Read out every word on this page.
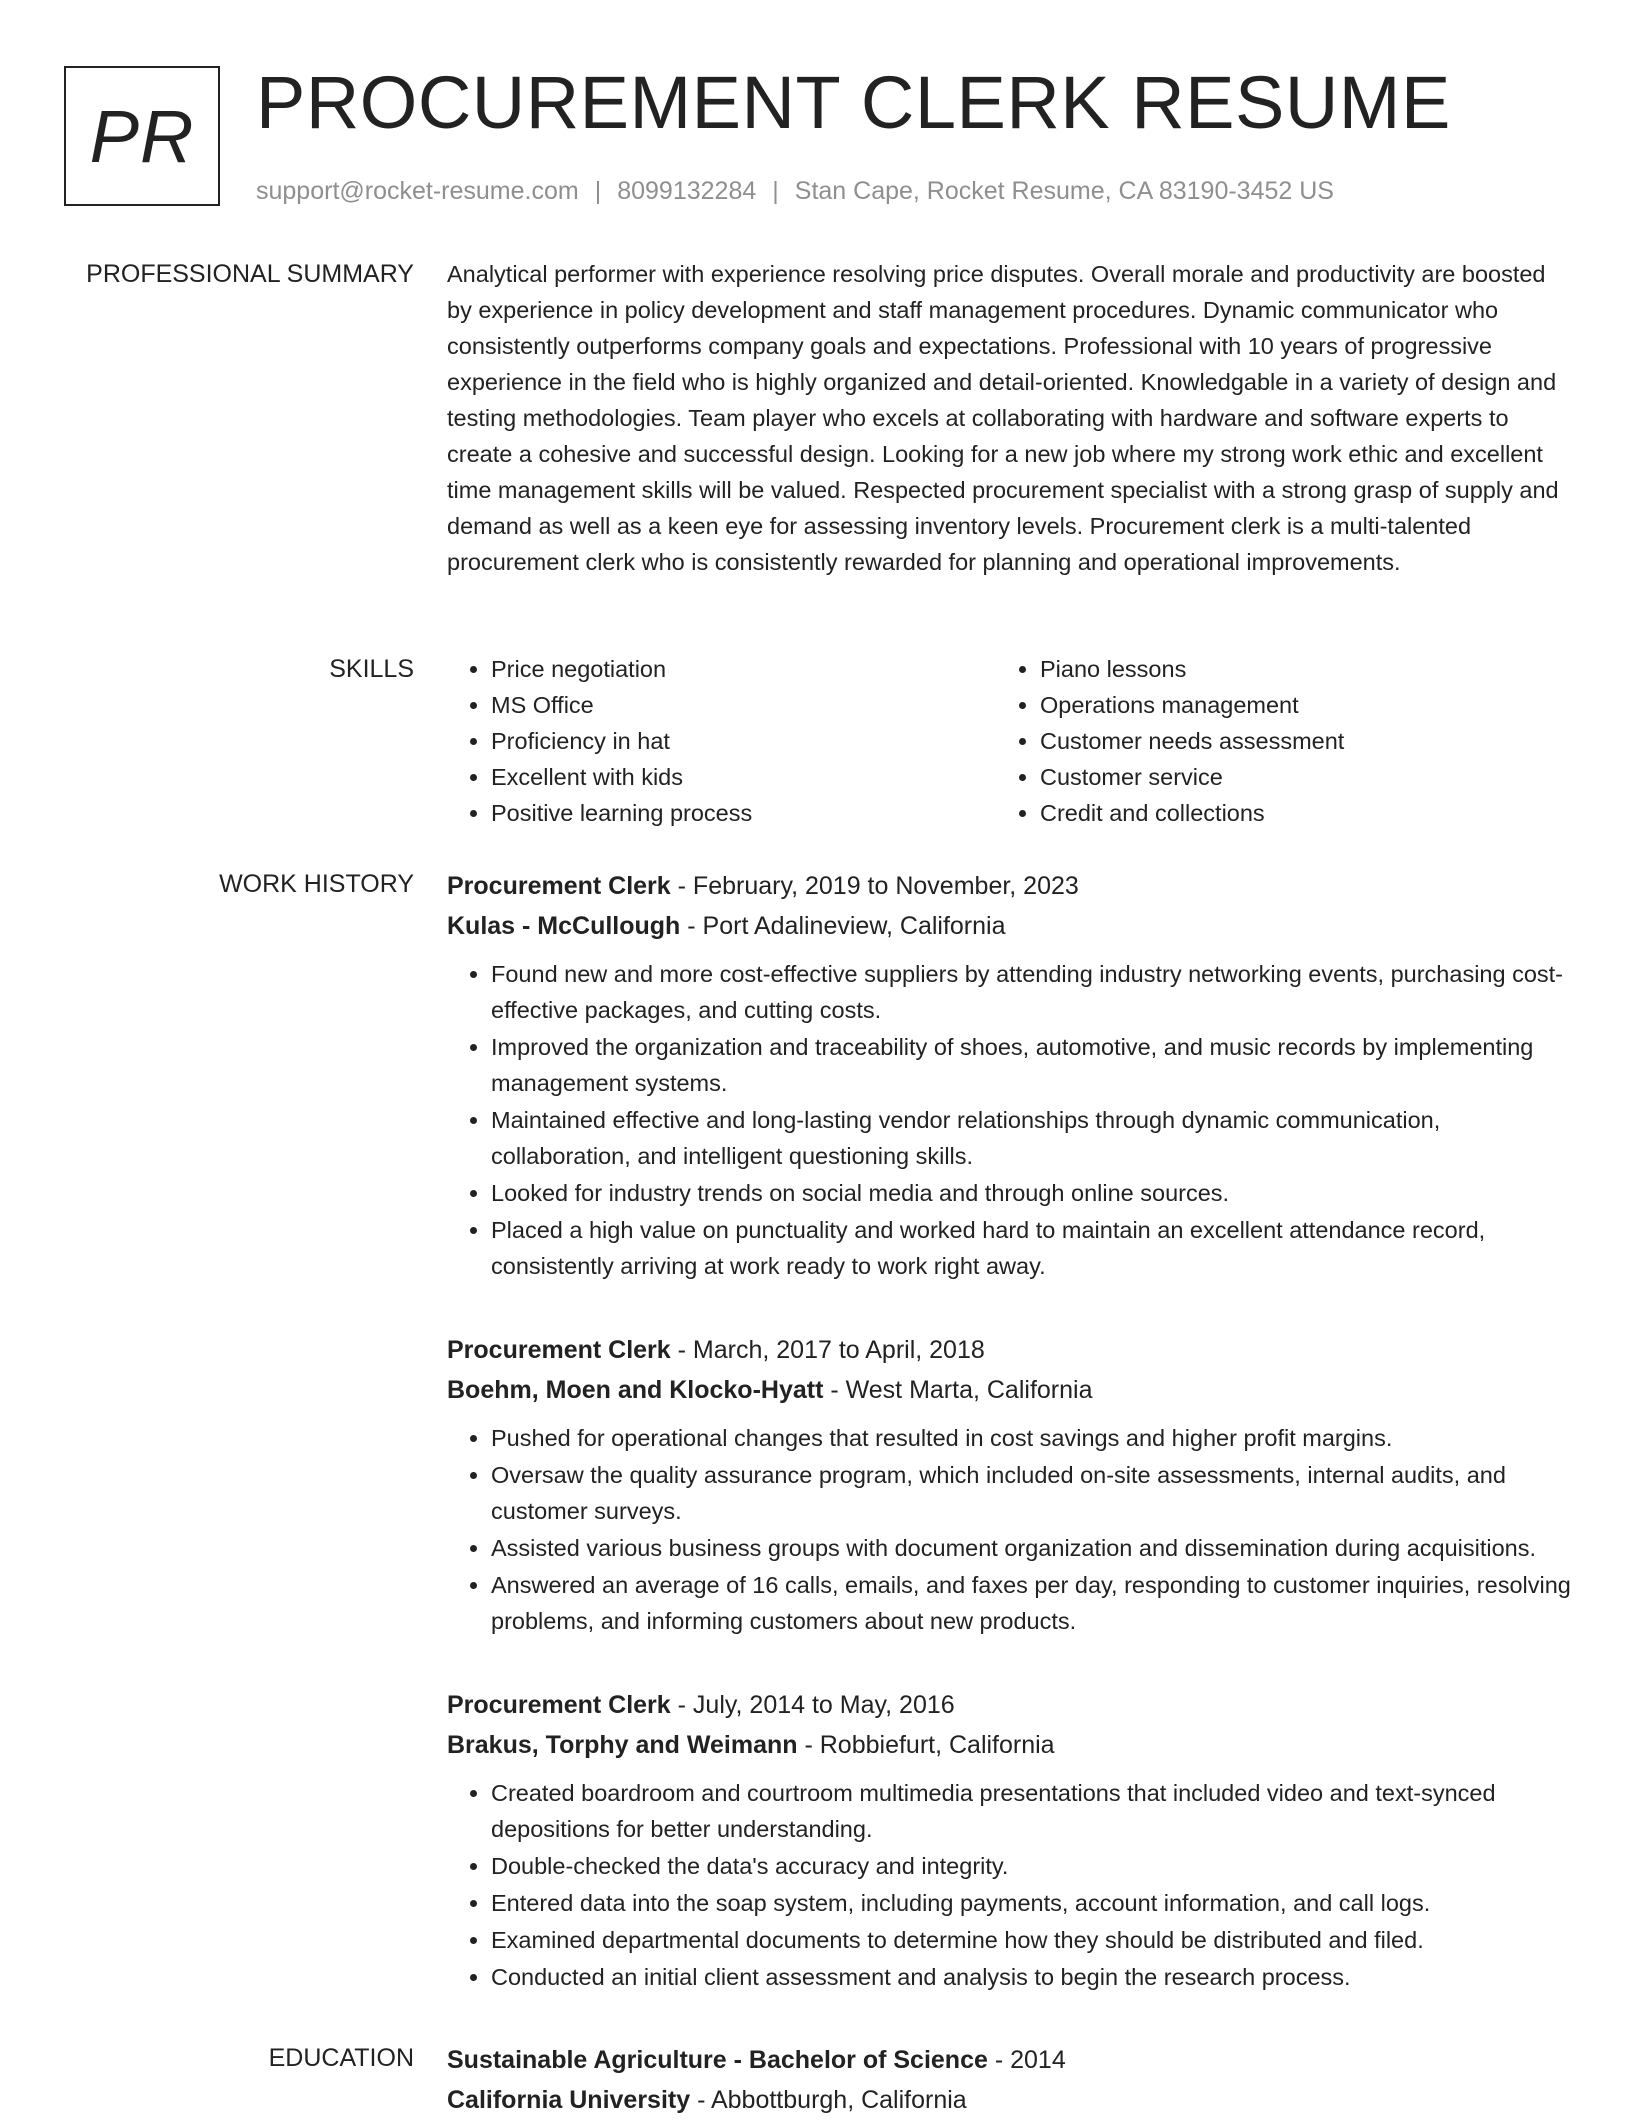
PR PROCUREMENT CLERK RESUME
support@rocket-resume.com | 8099132284 | Stan Cape, Rocket Resume, CA 83190-3452 US
PROFESSIONAL SUMMARY Analytical performer with experience resolving price disputes. Overall morale and productivity are boosted by experience in policy development and staff management procedures. Dynamic communicator who consistently outperforms company goals and expectations. Professional with 10 years of progressive experience in the field who is highly organized and detail-oriented. Knowledgable in a variety of design and testing methodologies. Team player who excels at collaborating with hardware and software experts to create a cohesive and successful design. Looking for a new job where my strong work ethic and excellent time management skills will be valued. Respected procurement specialist with a strong grasp of supply and demand as well as a keen eye for assessing inventory levels. Procurement clerk is a multi-talented procurement clerk who is consistently rewarded for planning and operational improvements.

SKILLS
•	Price negotiation
• MS Office
• Proficiency in hat
• Excellent with kids
• Positive learning process
• Piano lessons
• Operations management
• Customer needs assessment
• Customer service
• Credit and collections
WORK HISTORY Procurement Clerk - February, 2019 to November, 2023
Kulas - McCullough - Port Adalineview, California
• Found new and more cost-effective suppliers by attending industry networking events, purchasing cost-effective packages, and cutting costs.
• Improved the organization and traceability of shoes, automotive, and music records by implementing management systems.
• Maintained effective and long-lasting vendor relationships through dynamic communication, collaboration, and intelligent questioning skills.
• Looked for industry trends on social media and through online sources.
• Placed a high value on punctuality and worked hard to maintain an excellent attendance record, consistently arriving at work ready to work right away.
Procurement Clerk - March, 2017 to April, 2018
Boehm, Moen and Klocko-Hyatt - West Marta, California
• Pushed for operational changes that resulted in cost savings and higher profit margins.
• Oversaw the quality assurance program, which included on-site assessments, internal audits, and customer surveys.
• Assisted various business groups with document organization and dissemination during acquisitions.
• Answered an average of 16 calls, emails, and faxes per day, responding to customer inquiries, resolving problems, and informing customers about new products.
Procurement Clerk - July, 2014 to May, 2016
Brakus, Torphy and Weimann - Robbiefurt, California
• Created boardroom and courtroom multimedia presentations that included video and text-synced depositions for better understanding.
• Double-checked the data's accuracy and integrity.
• Entered data into the soap system, including payments, account information, and call logs.
• Examined departmental documents to determine how they should be distributed and filed.
• Conducted an initial client assessment and analysis to begin the research process.
EDUCATION Sustainable Agriculture - Bachelor of Science - 2014
California University - Abbottburgh, California
